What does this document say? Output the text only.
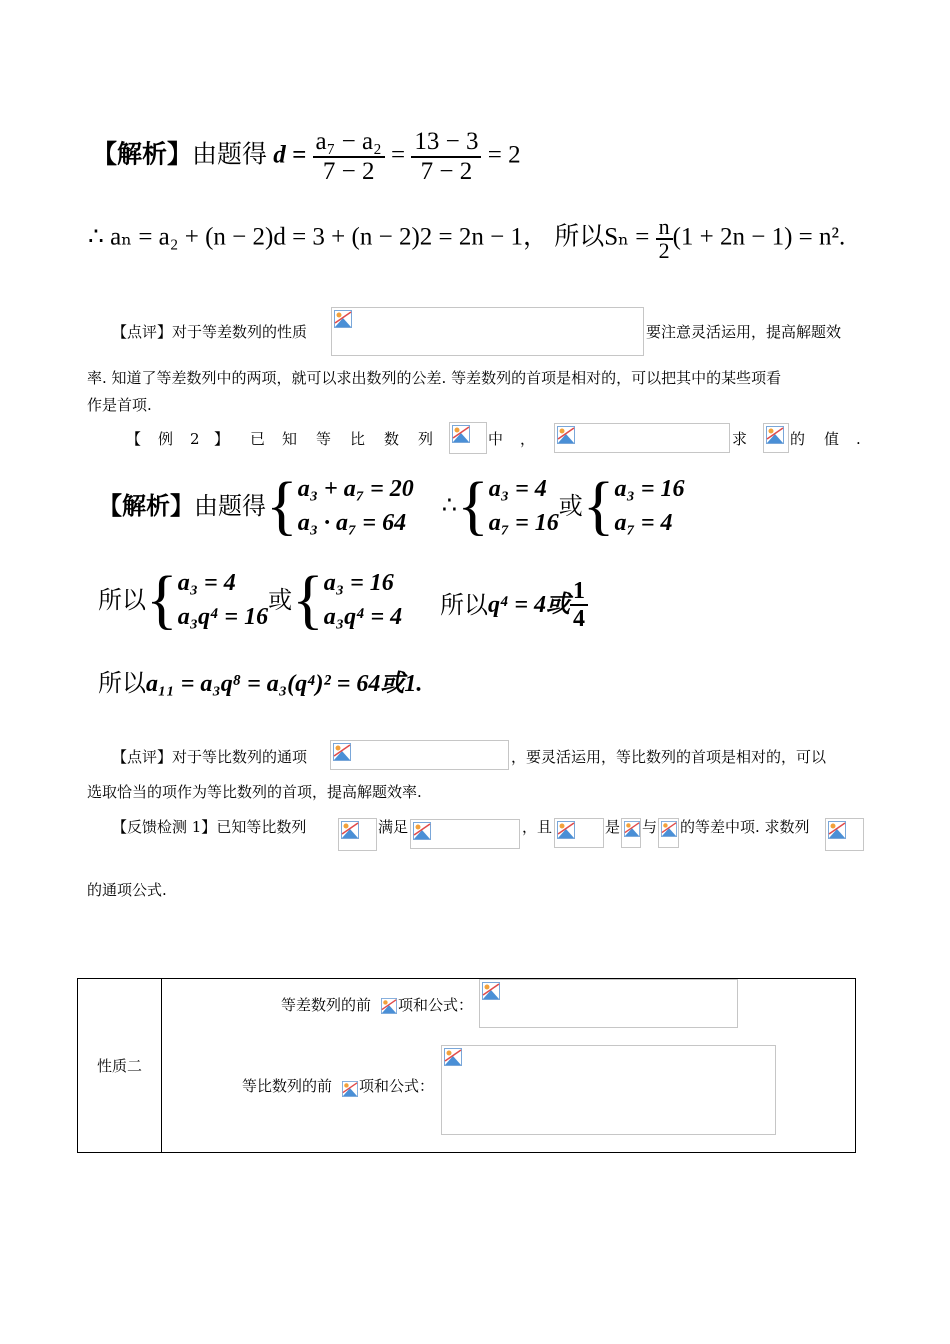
【解析】由题得 $d = \frac{\text{a₇ − a₂}}{7 - 2} = \frac{13 - 3}{7 - 2} = 2$
∴ aₙ = a₂ + (n − 2)d = 3 + (n − 2)2 = 2n − 1， 所以$S_n = \frac{n}{2} (1 + 2n - 1) = n^2$.
【点评】对于等差数列的性质	要注意灵活运用，提高解题效
率. 知道了等差数列中的两项，就可以求出数列的公差. 等差数列的首项是相对的，可以把其中的某些项看
作是首项.
【 例 2 】 已 知 等 比 数 列	中 ，	求	的 值 .
【解析】由题得{a₃ + a₇ = 20
a₃ · a₇ = 64 ∴{a₃ = 4
a₇ = 16或{a₃ = 16
a₇ = 4
所以{a₃ = 4
a₃q⁴ = 16或{a₃ = 16
a₃q⁴ = 4 所以q⁴ = 4或 $\frac{1}{4}$
所以a₁₁ = a₃q⁸ = a₃(q⁴)² = 64或1.
【点评】对于等比数列的通项	，要灵活运用，等比数列的首项是相对的，可以
选取恰当的项作为等比数列的首项，提高解题效率.
【反馈检测 1】已知等比数列	满足	，且	是 与 的等差中项. 求数列
的通项公式.
性质二	
等差数列的前 项和公式：
等比数列的前 项和公式：
